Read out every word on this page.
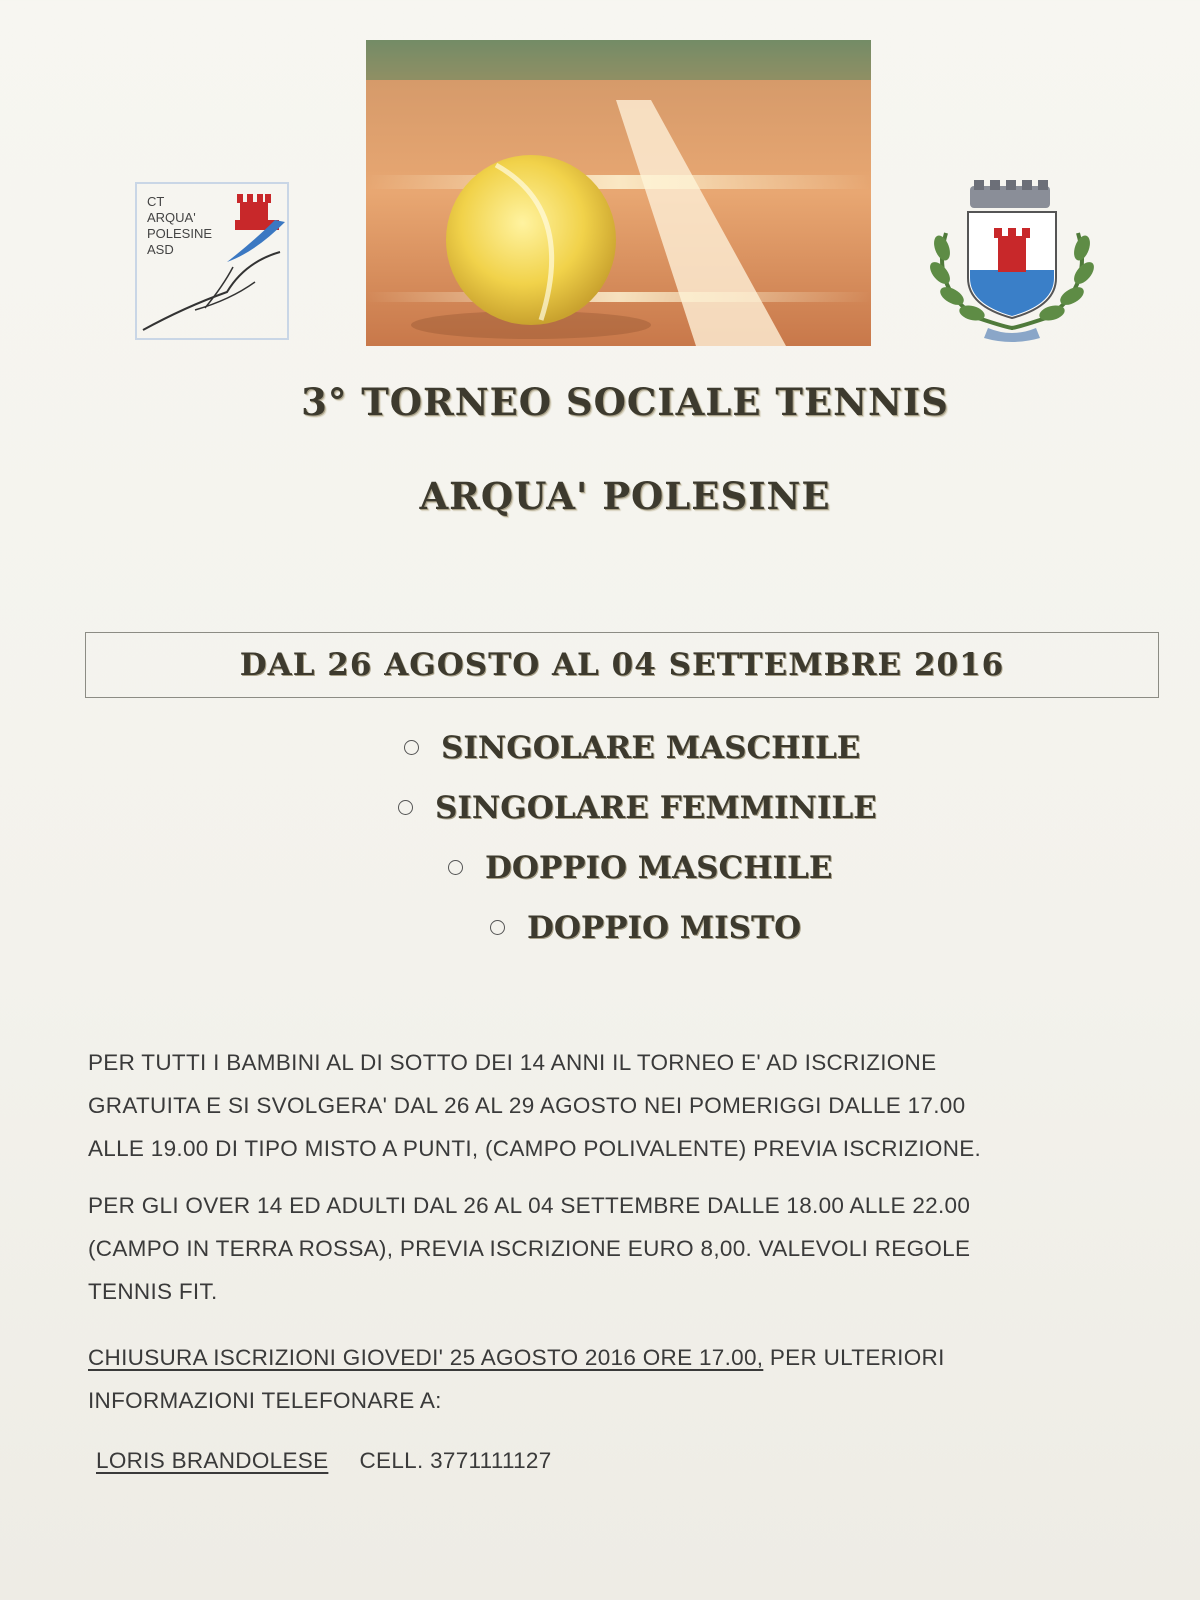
CT
ARQUA'
POLESINE
ASD
3° TORNEO SOCIALE TENNIS
ARQUA' POLESINE
DAL 26 AGOSTO AL 04 SETTEMBRE 2016
SINGOLARE MASCHILE
SINGOLARE FEMMINILE
DOPPIO MASCHILE
DOPPIO MISTO
PER TUTTI I BAMBINI AL DI SOTTO DEI 14 ANNI IL TORNEO E' AD ISCRIZIONE
GRATUITA E SI SVOLGERA' DAL 26 AL 29 AGOSTO NEI POMERIGGI DALLE 17.00
ALLE 19.00 DI TIPO MISTO A PUNTI, (CAMPO POLIVALENTE) PREVIA ISCRIZIONE.
PER GLI OVER 14 ED ADULTI DAL 26 AL 04 SETTEMBRE DALLE 18.00 ALLE 22.00
(CAMPO IN TERRA ROSSA), PREVIA ISCRIZIONE EURO 8,00. VALEVOLI REGOLE
TENNIS FIT.
CHIUSURA ISCRIZIONI GIOVEDI' 25 AGOSTO 2016 ORE 17.00, PER ULTERIORI
INFORMAZIONI TELEFONARE A:
LORIS BRANDOLESE CELL. 3771111127
